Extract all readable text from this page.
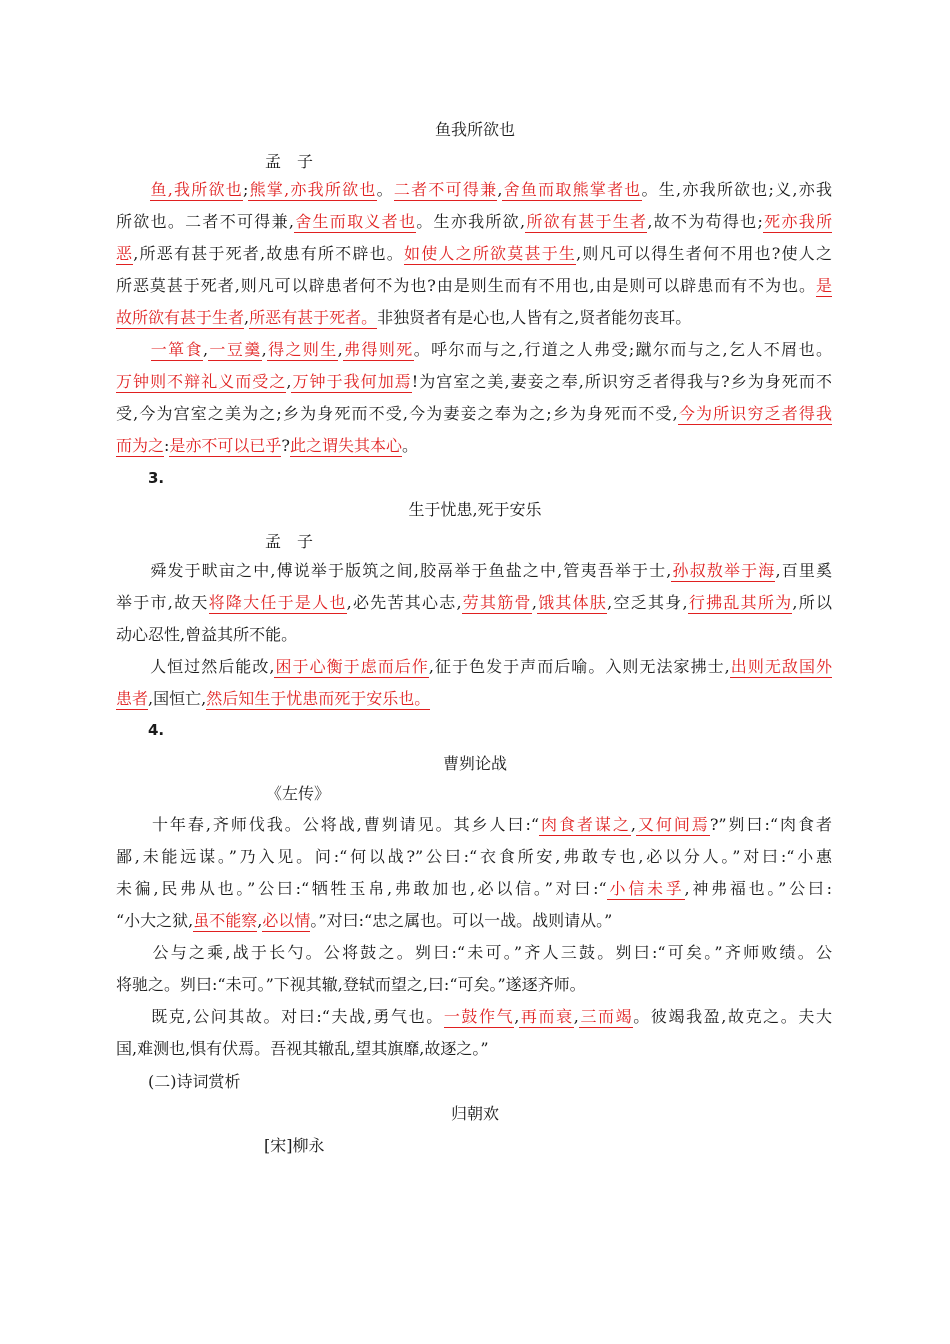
鱼我所欲也
孟　子
　　鱼,我所欲也;熊掌,亦我所欲也。二者不可得兼,舍鱼而取熊掌者也。生,亦我所欲也;义,亦我
所欲也。二者不可得兼,舍生而取义者也。生亦我所欲,所欲有甚于生者,故不为苟得也;死亦我所
恶,所恶有甚于死者,故患有所不辟也。如使人之所欲莫甚于生,则凡可以得生者何不用也?使人之
所恶莫甚于死者,则凡可以辟患者何不为也?由是则生而有不用也,由是则可以辟患而有不为也。是
故所欲有甚于生者,所恶有甚于死者。非独贤者有是心也,人皆有之,贤者能勿丧耳。
　　一箪食,一豆羹,得之则生,弗得则死。呼尔而与之,行道之人弗受;蹴尔而与之,乞人不屑也。
万钟则不辩礼义而受之,万钟于我何加焉!为宫室之美,妻妾之奉,所识穷乏者得我与?乡为身死而不
受,今为宫室之美为之;乡为身死而不受,今为妻妾之奉为之;乡为身死而不受,今为所识穷乏者得我
而为之:是亦不可以已乎?此之谓失其本心。
3.
生于忧患,死于安乐
孟　子
　　舜发于畎亩之中,傅说举于版筑之间,胶鬲举于鱼盐之中,管夷吾举于士,孙叔敖举于海,百里奚
举于市,故天将降大任于是人也,必先苦其心志,劳其筋骨,饿其体肤,空乏其身,行拂乱其所为,所以
动心忍性,曾益其所不能。
　　人恒过然后能改,困于心衡于虑而后作,征于色发于声而后喻。入则无法家拂士,出则无敌国外
患者,国恒亡,然后知生于忧患而死于安乐也。
4.
曹刿论战
《左传》
　　十年春,齐师伐我。公将战,曹刿请见。其乡人曰:“肉食者谋之,又何间焉?”刿曰:“肉食者
鄙,未能远谋。”乃入见。问:“何以战?”公曰:“衣食所安,弗敢专也,必以分人。”对曰:“小惠
未徧,民弗从也。”公曰:“牺牲玉帛,弗敢加也,必以信。”对曰:“小信未孚,神弗福也。”公曰:
“小大之狱,虽不能察,必以情。”对曰:“忠之属也。可以一战。战则请从。”
　　公与之乘,战于长勺。公将鼓之。刿曰:“未可。”齐人三鼓。刿曰:“可矣。”齐师败绩。公
将驰之。刿曰:“未可。”下视其辙,登轼而望之,曰:“可矣。”遂逐齐师。
　　既克,公问其故。对曰:“夫战,勇气也。一鼓作气,再而衰,三而竭。彼竭我盈,故克之。夫大
国,难测也,惧有伏焉。吾视其辙乱,望其旗靡,故逐之。”
(二)诗词赏析
归朝欢
[宋]柳永
